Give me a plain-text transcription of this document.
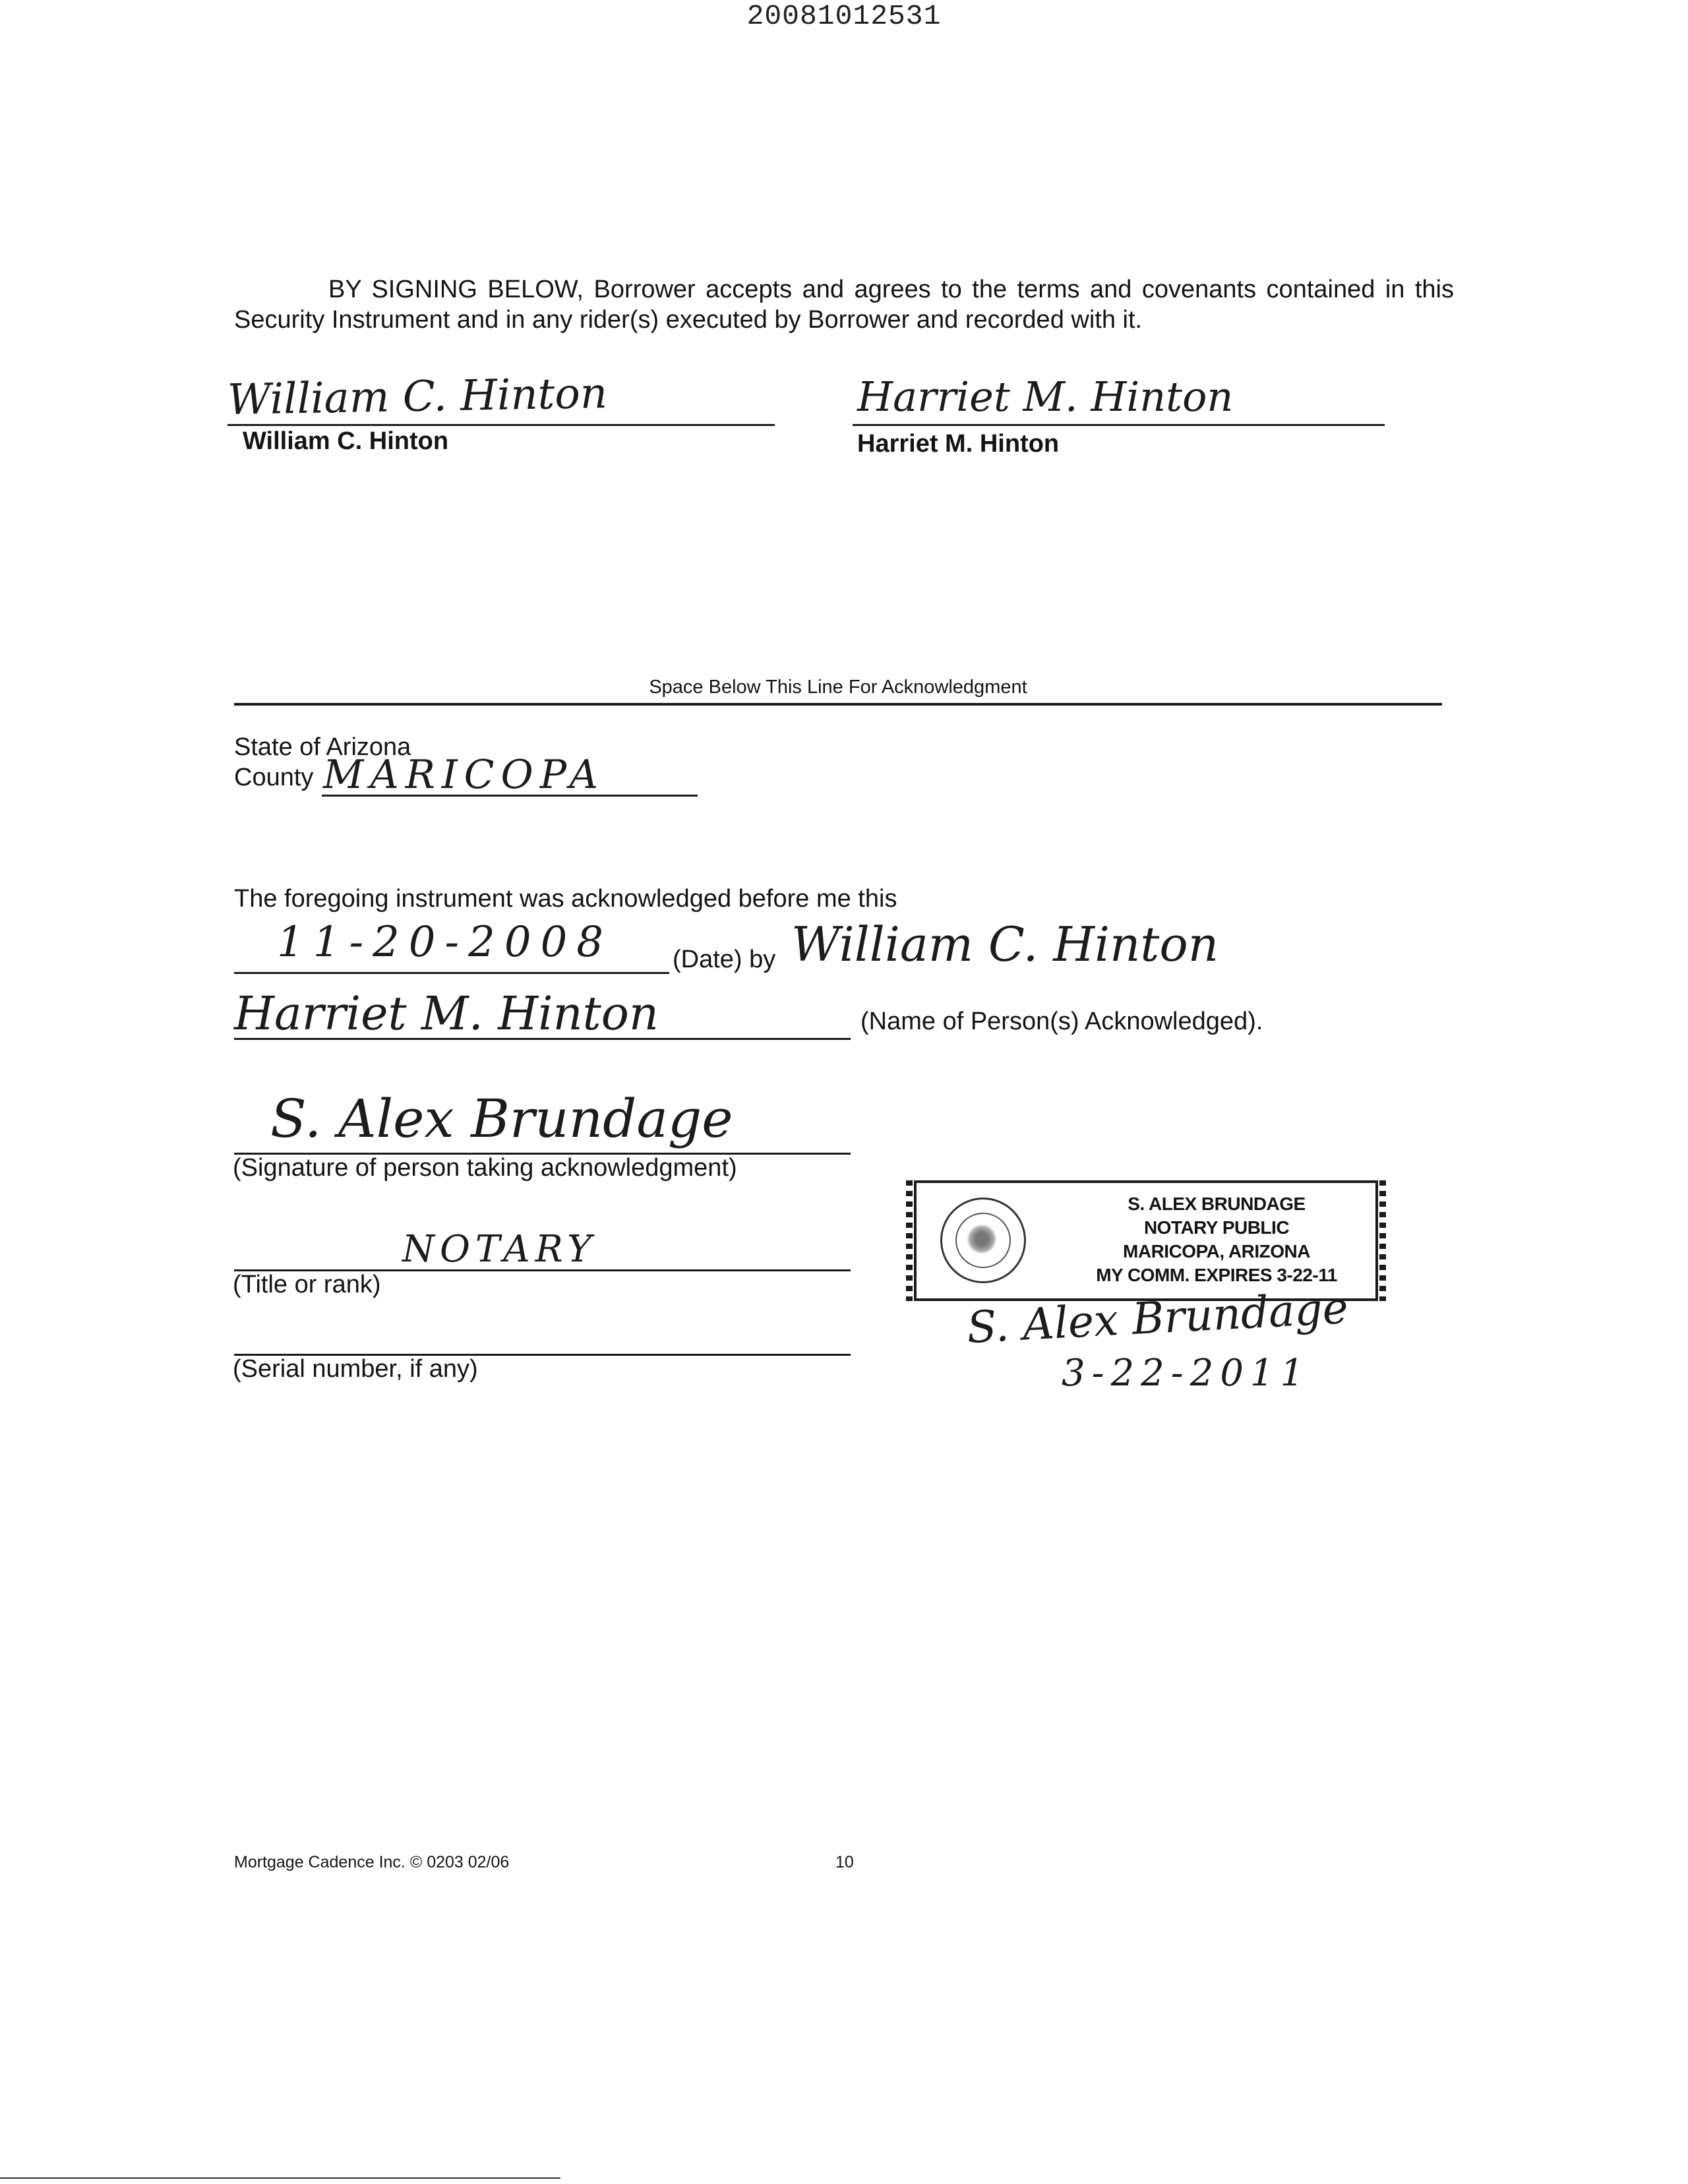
20081012531
BY SIGNING BELOW, Borrower accepts and agrees to the terms and covenants contained in this Security Instrument and in any rider(s) executed by Borrower and recorded with it.
William C. Hinton
William C. Hinton
Harriet M. Hinton
Harriet M. Hinton
Space Below This Line For Acknowledgment
State of Arizona
County MARICOPA
The foregoing instrument was acknowledged before me this
11-20-2008 (Date) by William C. Hinton
Harriet M. Hinton	(Name of Person(s) Acknowledged).
S. Alex Brundage
(Signature of person taking acknowledgment)
NOTARY
(Title or rank)
(Serial number, if any)
S. ALEX BRUNDAGE
NOTARY PUBLIC
MARICOPA, ARIZONA
MY COMM. EXPIRES 3-22-11
S. Alex Brundage
3-22-2011
Mortgage Cadence Inc. © 0203 02/06	10
